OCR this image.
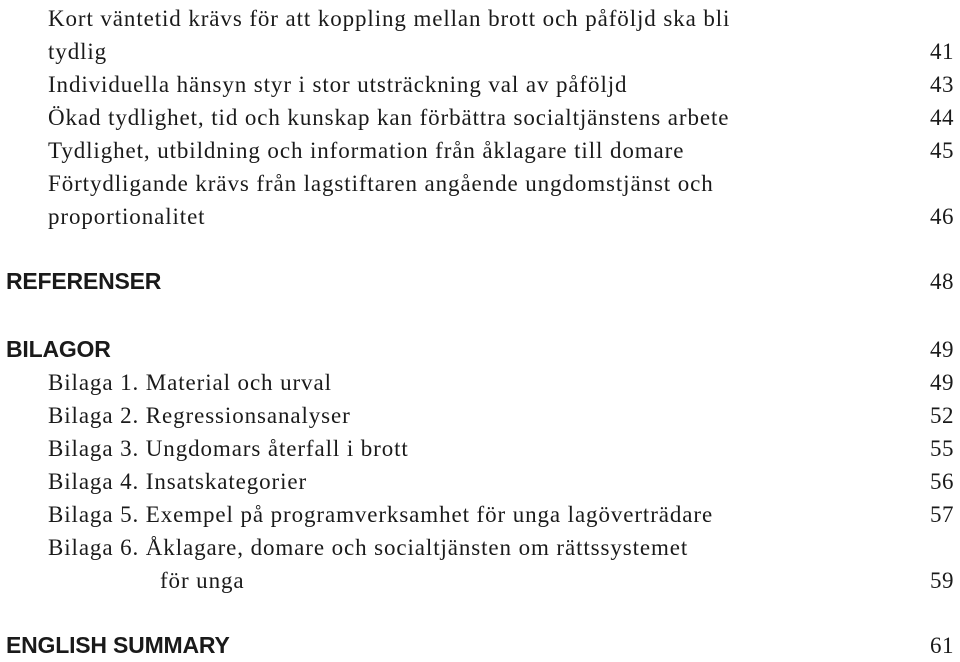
Kort väntetid krävs för att koppling mellan brott och påföljd ska bli
tydlig	41
Individuella hänsyn styr i stor utsträckning val av påföljd	43
Ökad tydlighet, tid och kunskap kan förbättra socialtjänstens arbete	44
Tydlighet, utbildning och information från åklagare till domare	45
Förtydligande krävs från lagstiftaren angående ungdomstjänst och
proportionalitet	46
REFERENSER	48
BILAGOR	49
Bilaga 1. Material och urval	49
Bilaga 2. Regressionsanalyser	52
Bilaga 3. Ungdomars återfall i brott	55
Bilaga 4. Insatskategorier	56
Bilaga 5. Exempel på programverksamhet för unga lagöverträdare	57
Bilaga 6. Åklagare, domare och socialtjänsten om rättssystemet
för unga	59
ENGLISH SUMMARY	61
